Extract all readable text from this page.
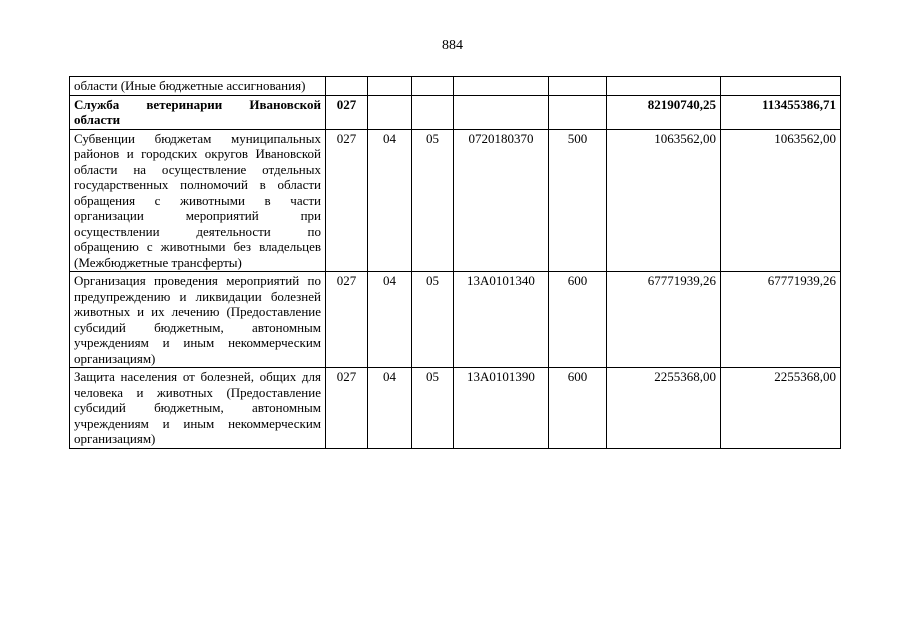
884
области (Иные бюджетные ассигнования)							
Служба ветеринарии Ивановской области	027					82190740,25	113455386,71
Субвенции бюджетам муниципальных районов и городских округов Ивановской области на осуществление отдельных государственных полномочий в области обращения с животными в части организации мероприятий при осуществлении деятельности по обращению с животными без владельцев (Межбюджетные трансферты)	027	04	05	0720180370	500	1063562,00	1063562,00
Организация проведения мероприятий по предупреждению и ликвидации болезней животных и их лечению (Предоставление субсидий бюджетным, автономным учреждениям и иным некоммерческим организациям)	027	04	05	13А0101340	600	67771939,26	67771939,26
Защита населения от болезней, общих для человека и животных (Предоставление субсидий бюджетным, автономным учреждениям и иным некоммерческим организациям)	027	04	05	13А0101390	600	2255368,00	2255368,00
